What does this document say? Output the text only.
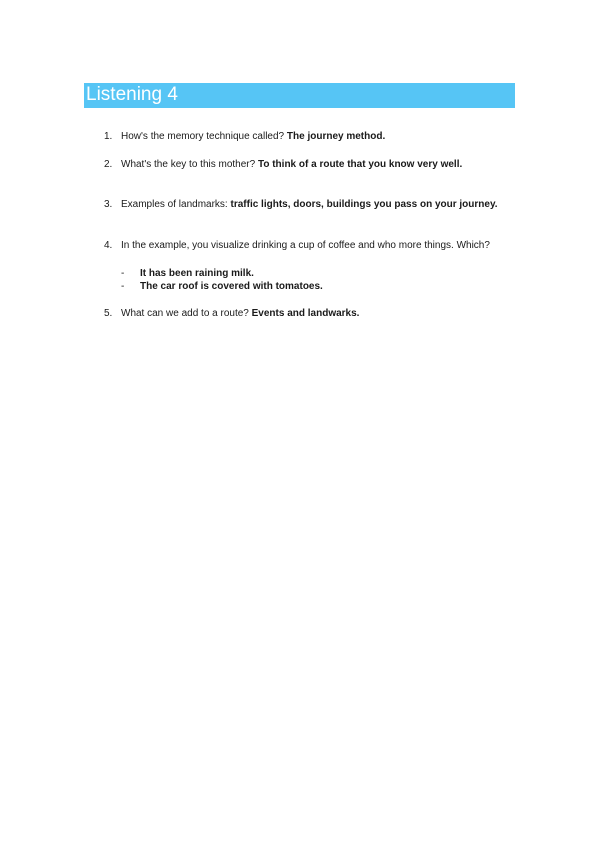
Listening 4
1. How's the memory technique called? The journey method.
2. What's the key to this mother? To think of a route that you know very well.
3. Examples of landmarks: traffic lights, doors, buildings you pass on your journey.
4. In the example, you visualize drinking a cup of coffee and who more things. Which?
- It has been raining milk.
- The car roof is covered with tomatoes.
5. What can we add to a route? Events and landwarks.
